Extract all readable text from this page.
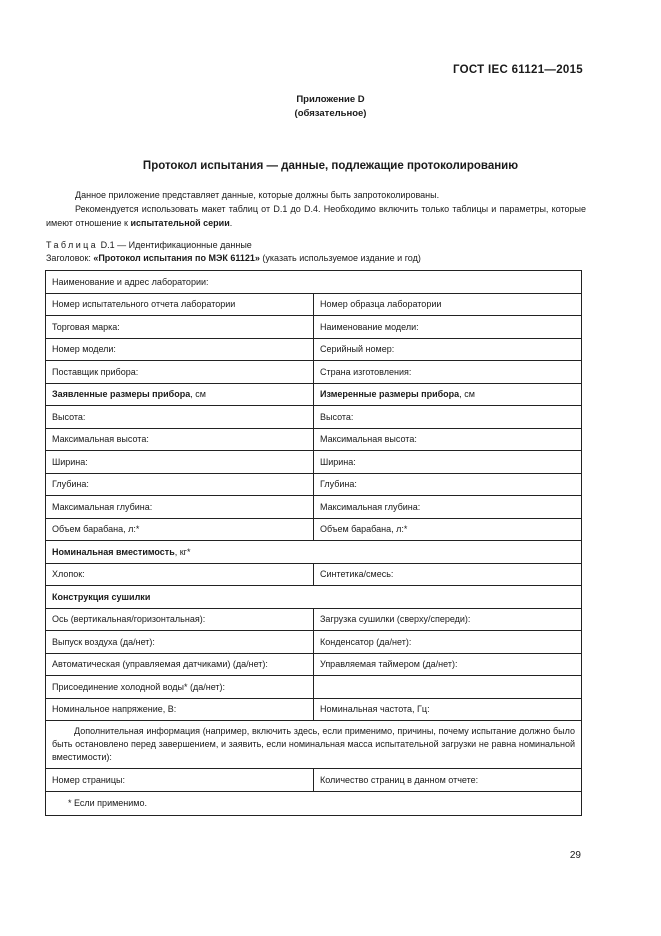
ГОСТ IEC 61121—2015
Приложение D
(обязательное)
Протокол испытания — данные, подлежащие протоколированию
Данное приложение представляет данные, которые должны быть запротоколированы.
Рекомендуется использовать макет таблиц от D.1 до D.4. Необходимо включить только таблицы и параметры, которые имеют отношение к испытательной серии.
Таблица D.1 — Идентификационные данные
Заголовок: «Протокол испытания по МЭК 61121» (указать используемое издание и год)
Наименование и адрес лаборатории:	
Номер испытательного отчета лаборатории	Номер образца лаборатории
Торговая марка:	Наименование модели:
Номер модели:	Серийный номер:
Поставщик прибора:	Страна изготовления:
Заявленные размеры прибора, см	Измеренные размеры прибора, см
Высота:	Высота:
Максимальная высота:	Максимальная высота:
Ширина:	Ширина:
Глубина:	Глубина:
Максимальная глубина:	Максимальная глубина:
Объем барабана, л:*	Объем барабана, л:*
Номинальная вместимость, кг*	
Хлопок:	Синтетика/смесь:
Конструкция сушилки	
Ось (вертикальная/горизонтальная):	Загрузка сушилки (сверху/спереди):
Выпуск воздуха (да/нет):	Конденсатор (да/нет):
Автоматическая (управляемая датчиками) (да/нет):	Управляемая таймером (да/нет):
Присоединение холодной воды* (да/нет):	
Номинальное напряжение, В:	Номинальная частота, Гц:
Дополнительная информация (например, включить здесь, если применимо, причины, почему испытание должно было быть остановлено перед завершением, и заявить, если номинальная масса испытательной загрузки не равна номинальной вместимости):	
Номер страницы:	Количество страниц в данном отчете:
* Если применимо.	
29
